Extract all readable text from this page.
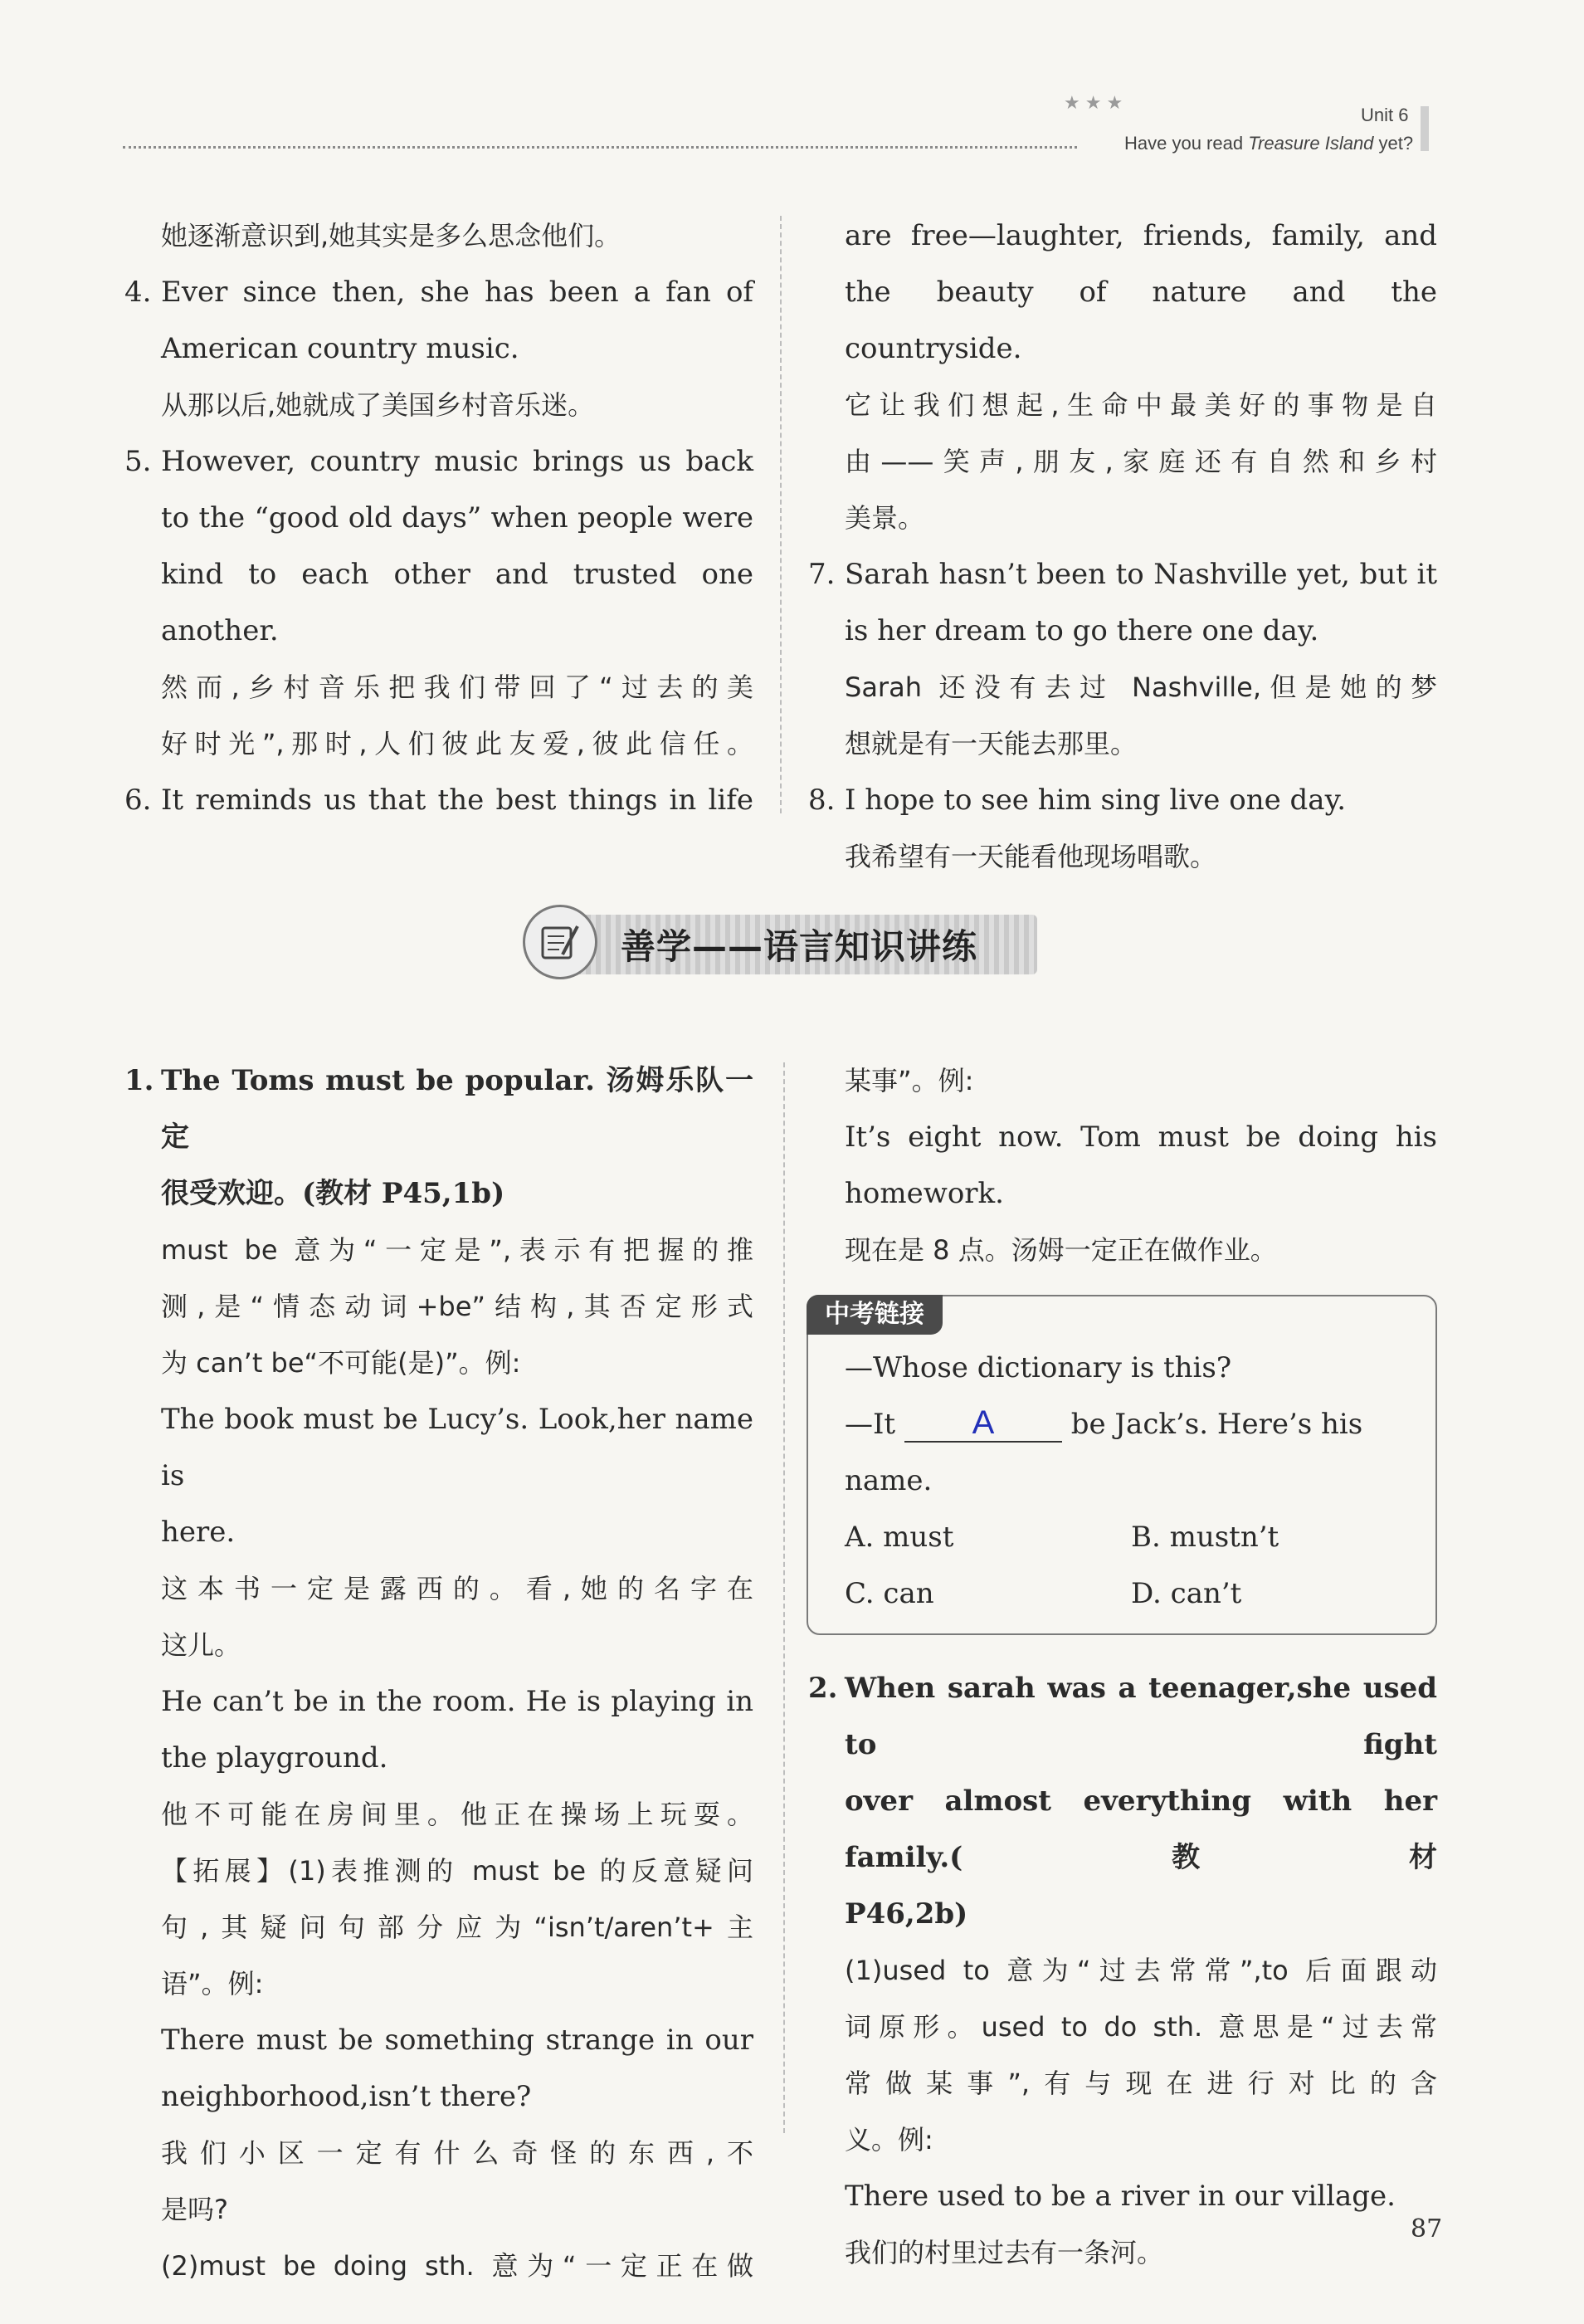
★★★
Unit 6
Have you read Treasure Island yet?

她逐渐意识到,她其实是多么思念他们。

4. Ever since then, she has been a fan of

American country music.

从那以后,她就成了美国乡村音乐迷。

5. However, country music brings us back

to the “good old days” when people were

kind to each other and trusted one

another.

然而,乡村音乐把我们带回了“过去的美

好时光”,那时,人们彼此友爱,彼此信任。

6. It reminds us that the best things in life

are free—laughter, friends, family, and

the beauty of nature and the countryside.

它让我们想起,生命中最美好的事物是自

由——笑声,朋友,家庭还有自然和乡村

美景。

7. Sarah hasn’t been to Nashville yet, but it

is her dream to go there one day.

Sarah 还没有去过 Nashville,但是她的梦

想就是有一天能去那里。

8. I hope to see him sing live one day.

我希望有一天能看他现场唱歌。

善学——语言知识讲练

1. The Toms must be popular. 汤姆乐队一定

很受欢迎。(教材 P45,1b)

must be 意为“一定是”,表示有把握的推

测,是“情态动词+be”结构,其否定形式

为 can’t be“不可能(是)”。例:

The book must be Lucy’s. Look,her name is

here.

这本书一定是露西的。看,她的名字在

这儿。

He can’t be in the room. He is playing in

the playground.

他不可能在房间里。他正在操场上玩耍。

【拓展】(1)表推测的 must be 的反意疑问

句,其疑问句部分应为“isn’t/aren’t+主

语”。例:

There must be something strange in our

neighborhood,isn’t there?

我们小区一定有什么奇怪的东西,不

是吗?

(2)must be doing sth. 意为“一定正在做

某事”。例:

It’s eight now. Tom must be doing his

homework.

现在是 8 点。汤姆一定正在做作业。

中考链接

—Whose dictionary is this?

—It A	be Jack’s. Here’s his

name.

A. must	B. mustn’t
C. can	D. can’t

2. When sarah was a teenager,she used to fight

over almost everything with her family.(教材

P46,2b)

(1)used to 意为“过去常常”,to 后面跟动

词原形。used to do sth. 意思是“过去常

常做某事”,有与现在进行对比的含

义。例:

There used to be a river in our village.

我们的村里过去有一条河。

87
